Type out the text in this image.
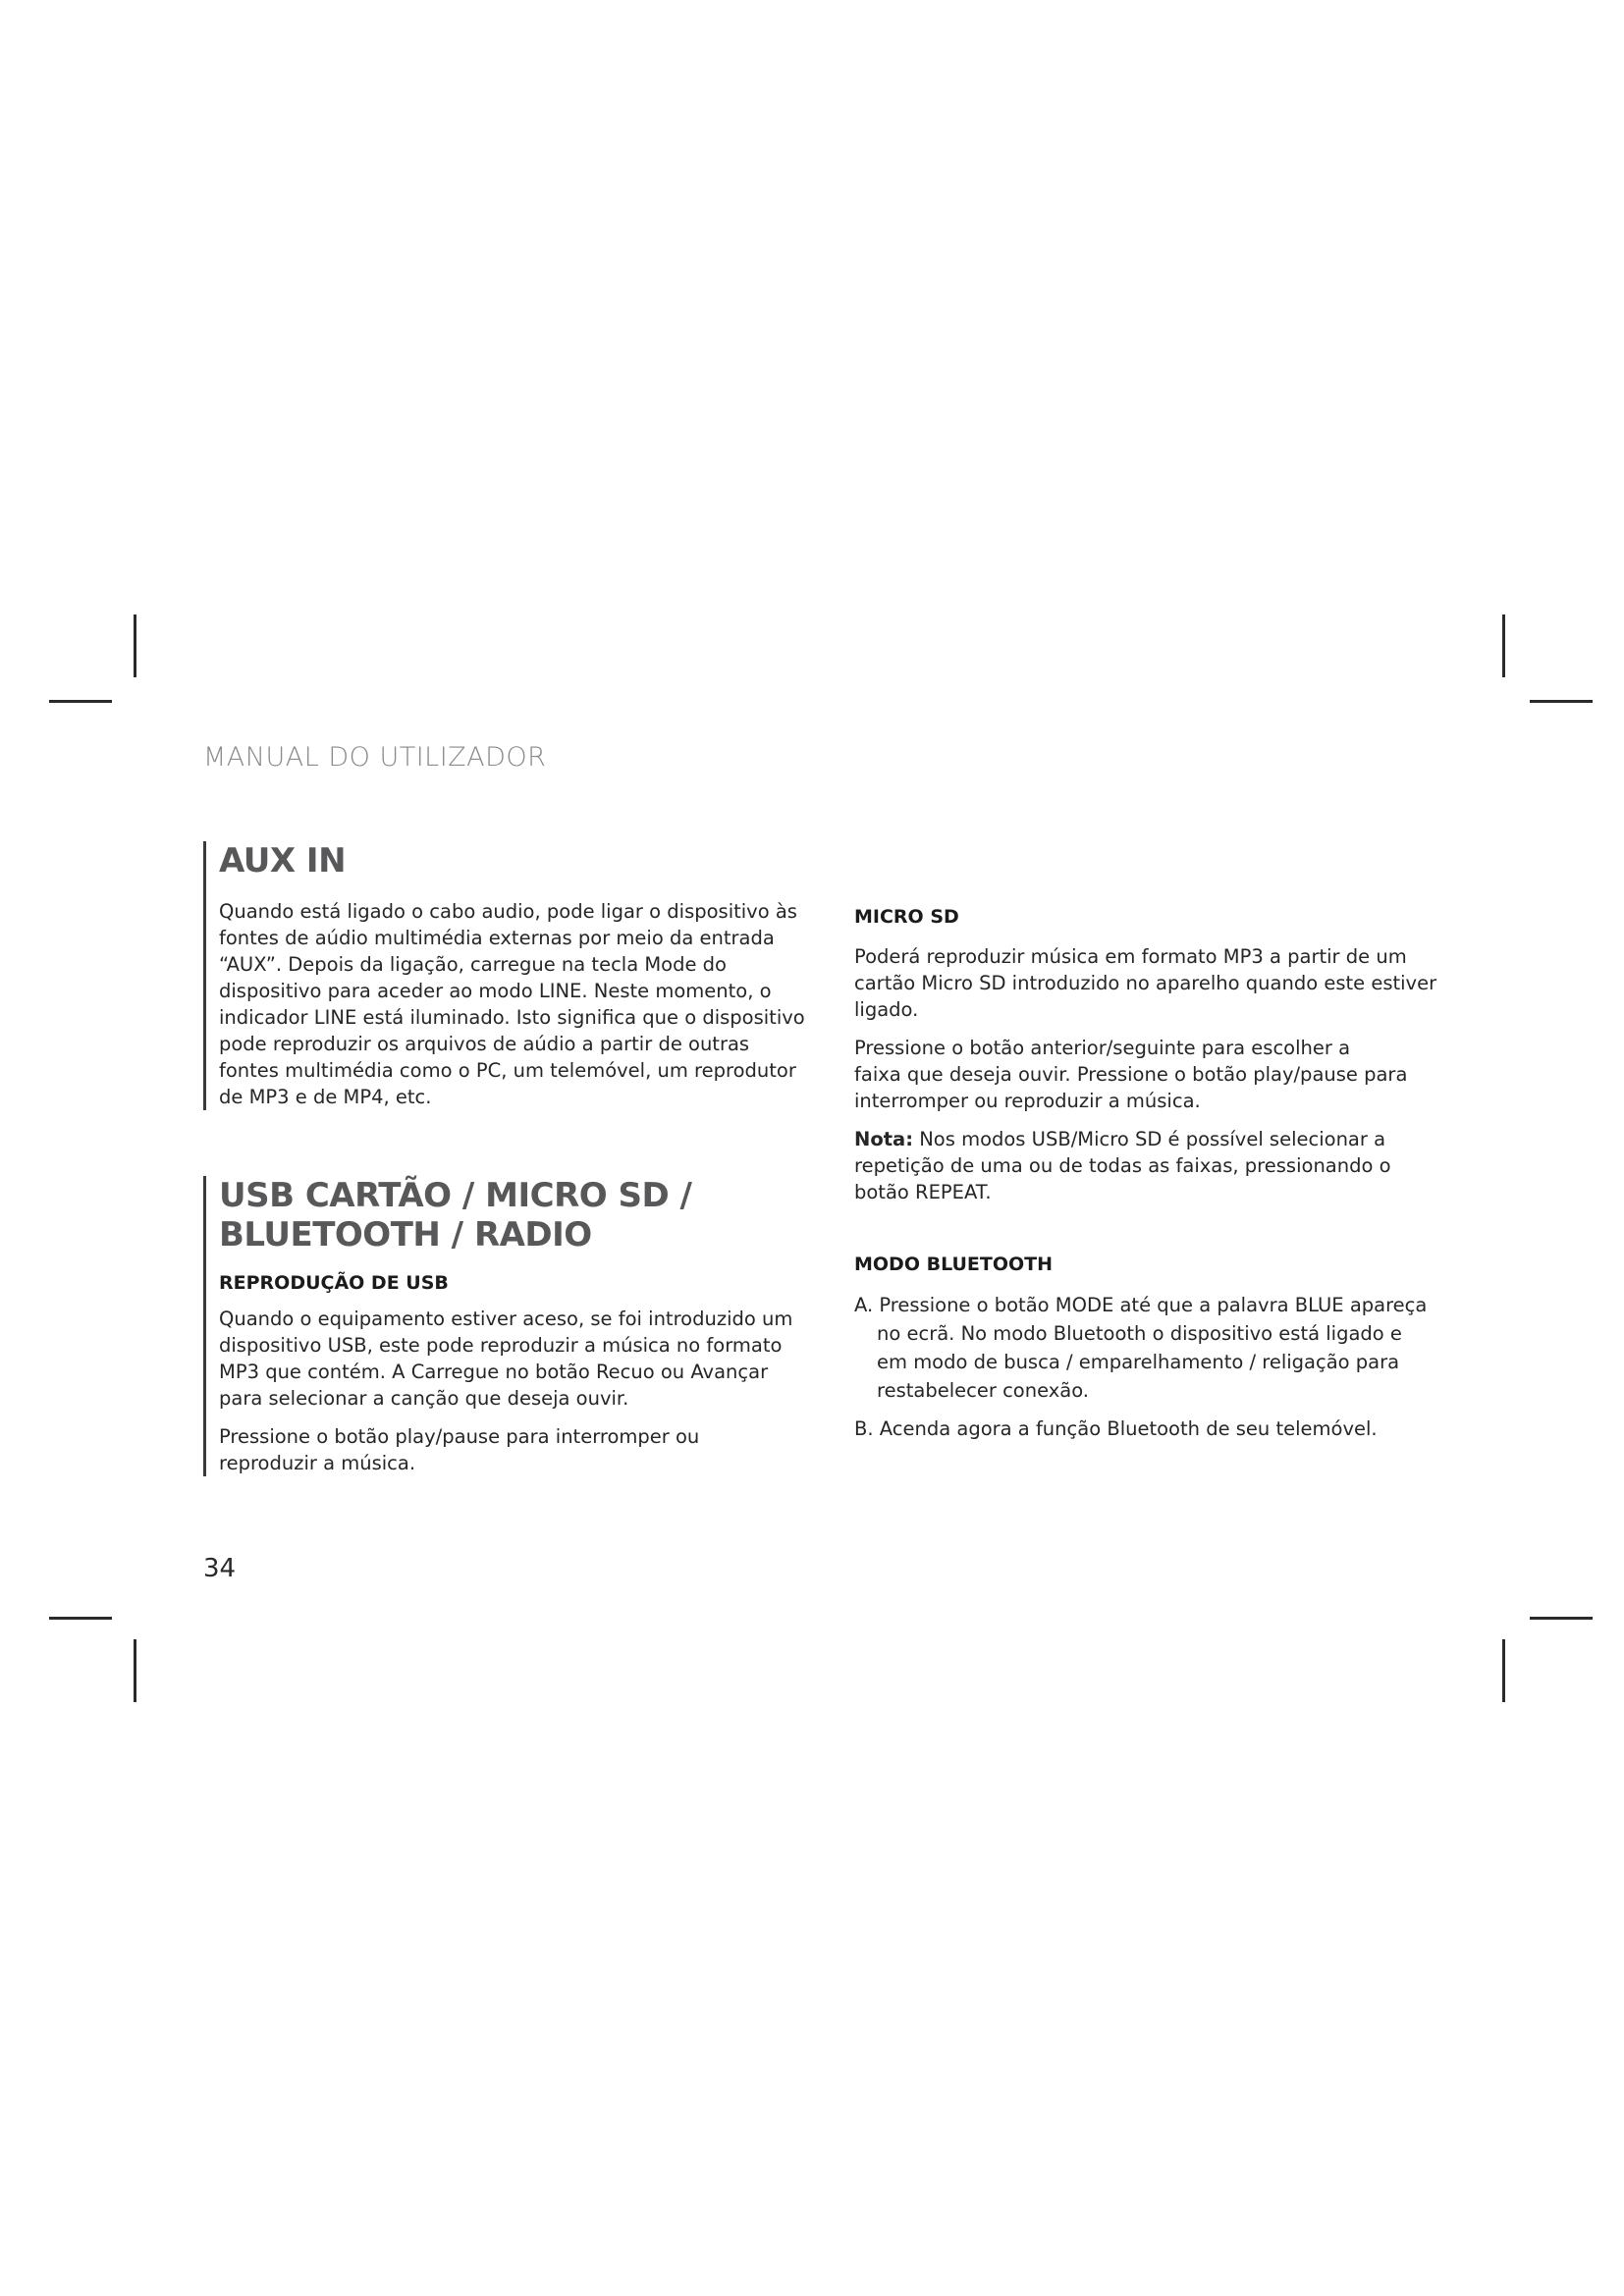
MANUAL DO UTILIZADOR
AUX IN

Quando está ligado o cabo audio, pode ligar o dispositivo às

fontes de aúdio multimédia externas por meio da entrada

“AUX”. Depois da ligação, carregue na tecla Mode do

dispositivo para aceder ao modo LINE. Neste momento, o

indicador LINE está iluminado. Isto significa que o dispositivo

pode reproduzir os arquivos de aúdio a partir de outras

fontes multimédia como o PC, um telemóvel, um reprodutor

de MP3 e de MP4, etc.

USB CARTÃO / MICRO SD /
BLUETOOTH / RADIO
REPRODUÇÃO DE USB

Quando o equipamento estiver aceso, se foi introduzido um

dispositivo USB, este pode reproduzir a música no formato

MP3 que contém. A Carregue no botão Recuo ou Avançar

para selecionar a canção que deseja ouvir.

Pressione o botão play/pause para interromper ou

reproduzir a música.

MICRO SD

Poderá reproduzir música em formato MP3 a partir de um

cartão Micro SD introduzido no aparelho quando este estiver

ligado.

Pressione o botão anterior/seguinte para escolher a

faixa que deseja ouvir. Pressione o botão play/pause para

interromper ou reproduzir a música.

Nota: Nos modos USB/Micro SD é possível selecionar a

repetição de uma ou de todas as faixas, pressionando o

botão REPEAT.

MODO BLUETOOTH

A. Pressione o botão MODE até que a palavra BLUE apareça

no ecrã. No modo Bluetooth o dispositivo está ligado e

em modo de busca / emparelhamento / religação para

restabelecer conexão.

B. Acenda agora a função Bluetooth de seu telemóvel.

34
